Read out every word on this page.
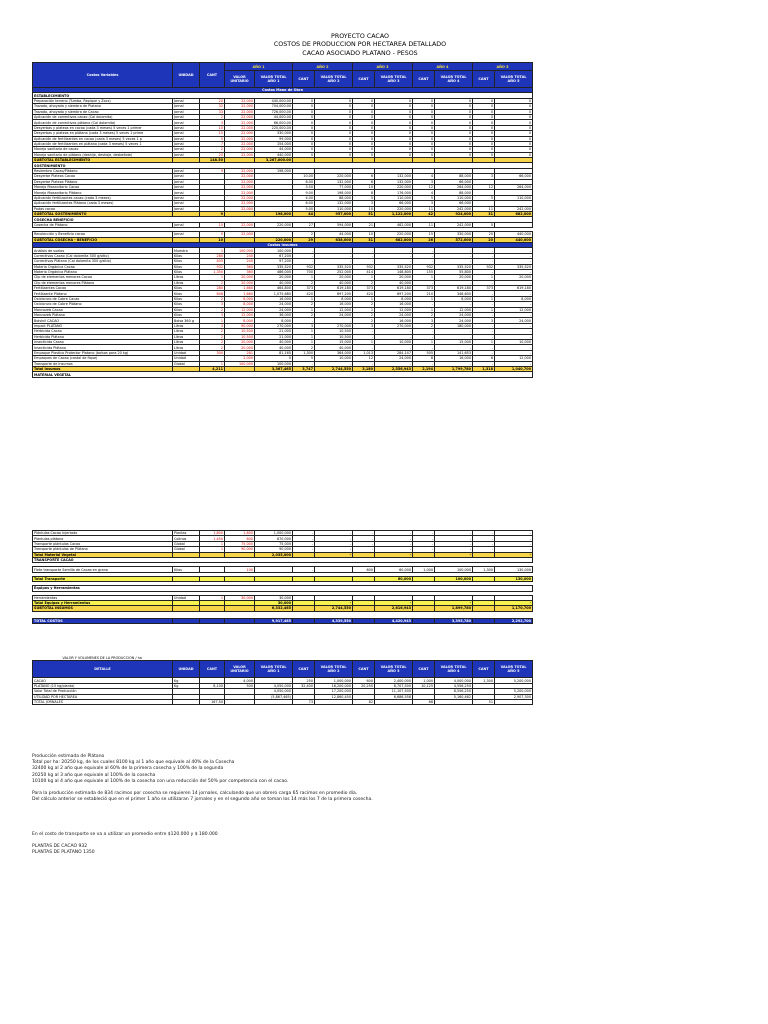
PROYECTO CACAO
COSTOS DE PRODUCCION POR HECTAREA DETALLADO
CACAO ASOCIADO PLATANO - PESOS
Costos Variables	UNIDAD	CANT	AÑO 1		AÑO 2		AÑO 3		AÑO 4		AÑO 5	
			VALOR UNITARIO	VALOR TOTAL AÑO 1	CANT	VALOR TOTAL AÑO 2	CANT	VALOR TOTAL AÑO 3	CANT	VALOR TOTAL AÑO 4	CANT	VALOR TOTAL AÑO 5
Costos Mano de Obra												
ESTABLECIMIENTO												
Preparación terreno (Tumba, Repique y Zocs)	Jornal	20	22,000	440,000.00	0	0	0	0	0	0	0	0
Trazado, ahoyado y siembra de Platano	Jornal	32	22,000	704,000.00	0	0	0	0	0	0	0	0
Trazado, ahoyado y siembra de Cacao	Jornal	33	22,000	726,000.00	0	0	0	0	0	0	0	0
Aplicación de correctivos cacao (Cal dolomita)	Jornal	2	22,000	44,000.00	0	0	0	0	0	0	0	0
Aplicación de correctivos plátano (Cal dolomita)	Jornal	3	22,000	66,000.00	0	0	0	0	0	0	0	0
Desyerbas y plateos en cacao (cada 3 meses) 5 veces 1 primer	Jornal	10	22,000	220,000.00	0	0	0	0	0	0	0	0
Desyerbas y plateos en plátano (cada 3 meses) 5 veces 1 prime	Jornal	15	22,000	330,000	0	0	0	0	0	0	0	0
Aplicación de fertilizantes en cacao (cada 3 meses) 5 veces 1 p	Jornal	5	22,000	99,000	0	0	0	0	0	0	0	0
Aplicación de fertilizantes en plátano (cada 3 meses) 5 veces 1	Jornal	7	22,000	154,000	0	0	0	0	0	0	0	0
Manejo sanitario de cacao	Jornal	2	22,000	44,000	0	0	0	0	0	0	0	0
Manejo sanitario de plátano (deshije, deshoje, desbellote)	Jornal	20	22,000	440,000	0	0	0	0	0	0	0	0
SUBTOTAL ESTABLECIMIENTO		148.50		3,267,000.00								
SOSTENIMIENTO												
Resiembra Cacao/Plátano	Jornal	9	22,000	198,000								
Desyerbe Plateos Cacao	Jornal		22,000		10.00	220,000	6	132,000	4	88,000	3	66,000
Desyerbe Plateos Plátano	Jornal		22,000		6.00	132,000	6	132,000	3	66,000		
Manejo fitosanitario Cacao	Jornal		22,000		3.50	77,000	10	220,000	12	264,000	12	264,000
Manejo fitosanitario Plátano	Jornal		22,000		9.00	198,000	8	176,000	4	88,000		
Aplicación fertilizantes cacao (cada 3 meses)	Jornal		22,000		4.00	88,000	5	110,000	5	110,000	5	110,000
Aplicación fertilizantes Plátano (cada 3 meses)	Jornal		22,000		6.00	132,000	3	66,000	3	66,000		
Podas cacao	Jornal		22,000		5.00	110,000	10	220,000	11	242,000	11	242,000
SUBTOTAL SOSTENIMIENTO		9		198,000	44	957,000	51	1,122,000	42	924,000	31	682,000
COSECHA BENEFICIO												
Cosecha de Plátano	Jornal	10	22,000	220,000	27	594,000	21	462,000	11	242,000	0	

Recolección y Beneficio cacao	Jornal	0	22,000		2	44,000	10	220,000	15	330,000	20	440,000
SUBTOTAL COSECHA - BENEFICIO		10		220,000	29	638,000	31	682,000	26	572,000	20	440,000
Costos Insumos												
Análisis de suelos	Muestra	1	100,000	100,000	-	-	-	-	-	-	-	-
Correctivos Cacao (Cal dolomita 300 g/sitio)	Kilos	280	240	67,200	-	-	-	-	-	-	-	-
Correctivos Plátano (Cal dolomita 300 g/sitio)	Kilos	405	240	97,200	-	-	-	-	-	-	-	-
Materia Orgánica Cacao	Kilos	932	360	335,520	932	335,520	932	335,520	932	335,520	932	335,520
Materia Orgánica Plátano	Kilos	1,350	360	486,000	700	252,000	414	148,800	155	55,800	-	-
Clip de elementos menores Cacao	Litros	1	20,000	20,000	1	20,000	1	20,000	1	20,000	1	20,000
Clip de elementos menores Plátano	Litros	2	20,000	40,000	2	40,000	2	40,000	-	-	-	-
Fertilizantes Cacao	Kilos	280	1,660	464,800	373	619,180	373	619,180	373	619,180	373	619,180
Fertilizante Plátano	Kilos	648	1,660	1,075,680	420	697,200	420	697,200	210	348,600	-	-
Oxicloruro de Cobre Cacao	Kilos	2	8,000	16,000	1	8,000	1	8,000	1	8,000	1	8,000
Oxicloruro de Cobre Plátano	Kilos	3	8,000	24,000	2	16,000	2	16,000	-	-	-	-
Mancozeb Cacao	Kilos	2	12,000	24,000	1	12,000	1	12,000	1	12,000	1	12,000
Mancozeb Plátano	Kilos	3	12,000	36,000	2	24,000	2	24,000	2	24,000	-	-
Bolsinil CACAO	Bolsa 360 g	1	8,000	8,000	-	-	2	16,000	3	24,000	3	24,000
Impact PLATANO	Litros	3	90,000	270,000	3	270,000	3	270,000	2	180,000	-	-
Herbicida Cacao	Litros	2	10,500	21,000	1	10,500	-	-	-	-	-	-
Herbicida Plátano	Litros	2	10,500	21,000	1	10,500	-	-	-	-	-	-
Insecticida Cacao	Litros	2	20,000	40,000	1	15,000	1	10,000	1	15,000	1	10,000
Insecticida Plátano	Litros	2	20,000	40,000	2	40,000	-	-	-	-	-	-
Empaque Plastico Protector Platano (bolsas para 20 kg)	Unidad	300	281	81,165	1,300	364,000	1,013	284,147	505	141,653	-	-
Empaques de Cacao (costal de fique)	Unidad		2,000	0	5	10,000	12	24,000	8	16,000	6	12,000
Transporte de Insumos	Global	1	100,000	100,000	-	-	-	-	-	-	-	-
Total Insumos		4,211		3,367,465	3,747	2,744,550	3,180	2,556,943	2,194	1,799,780	1,318	1,040,700
MATERIAL VEGETAL												
Plántulas Cacao Injertado	Plantas	1,800	1,800	1,000,000	-	-	-	-	-	-	-	-
Plántulas plátano	Colinos	1,450	600	870,000	-	-	-	-	-	-	-	-
Transporte plántulas Cacao	Global	1	75,000	75,000	-	-	-	-	-	-	-	-
Transporte plántulas de Plátano	Global	1	90,000	90,000	-	-	-	-	-	-	-	-
Total Material Vegetal				2,035,000		-		-		-		-
TRANSPORTE CACAO												

Flete transporte Semilla de Cacao en grano	Kilos		100		-		600	60,000	1,000	100,000	1,300	130,000

Total Transporte								60,000		100,000		130,000

Equipos y Herramientas												

Herramientas	Unidad	1	30,000	30,000								
Total Equipos y Herramientas				30,000		-		-		-		-
SUBTOTAL INSUMOS				6,332,465		2,744,550		2,616,943		1,899,780		1,170,700

TOTAL COSTOS				9,917,465		4,339,550		4,420,943		3,395,780		2,292,700
VALOR Y VOLUMENES DE LA PRODUCCION / ha												
DETALLE	UNIDAD	CANT	VALOR UNITARIO	VALOR TOTAL AÑO 1	CANT	VALOR TOTAL AÑO 2	CANT	VALOR TOTAL AÑO 3	CANT	VALOR TOTAL AÑO 4	CANT	VALOR TOTAL AÑO 5
CACAO	Kg		4,000	-	250	1,000,000	600	2,400,000	1,000	4,000,000	1,300	5,200,000
PLATANO (15 kg/planta)	Kg	8,100	500	4,050,000	32,400	16,200,000	20,250	8,707,500	10,125	4,556,250		
Valor Total de Producción				4,050,000		17,200,000		11,107,500		8,556,250		5,200,000
UTILIDAD POR HECTAREA				(5,867,465)		12,860,450		6,686,558		5,160,462		2,907,300
TOTAL JORNALES		167.50			73		82		68		51	

Producción estimada de Plátano

Total por ha: 20250 kg, de los cuales 8100 kg al 1 año que equivale al 40% de la Cosecha

32400 kg al 2 año que equivale al 60% de la primera cosecha y 100% de la segunda

20250 kg al 3 año que equivale al 100% de la cosecha

10100 kg al 4 año que equivale al 100% de la cosecha con una reducción del 50% por competencia con el cacao.

Para la producción estimada de 834 racimos por cosecha se requieren 14 jornales, calculando que un obrero carga 65 racimos en promedio día.

Del cálculo anterior se estableció que en el primer 1 año se utilizaran 7 jornales y en el segundo año se toman los 14 más los 7 de la primera cosecha.

En el costo de transporte se va a utilizar un promedio entre $120.000 y $ 180.000

PLANTAS DE CACAO 932

PLANTAS DE PLATANO 1350
